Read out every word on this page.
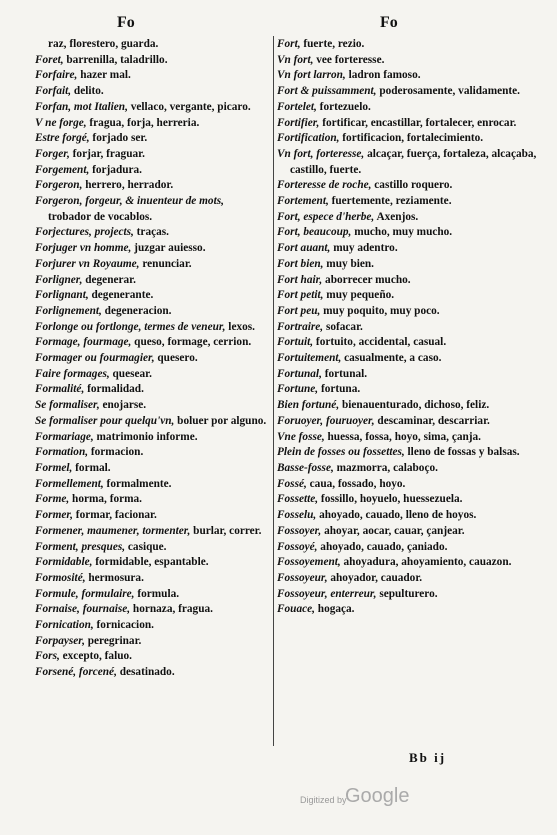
Fo	Fo

raz, florestero, guarda.

Foret, barrenilla, taladrillo.

Forfaire, hazer mal.

Forfait, delito.

Forfan, mot Italien, vellaco, vergante, picaro.

V ne forge, fragua, forja, herreria.

Estre forgé, forjado ser.

Forger, forjar, fraguar.

Forgement, forjadura.

Forgeron, herrero, herrador.

Forgeron, forgeur, & inuenteur de mots, trobador de vocablos.

Forjectures, projects, traças.

Forjuger vn homme, juzgar auiesso.

Forjurer vn Royaume, renunciar.

Forligner, degenerar.

Forlignant, degenerante.

Forlignement, degeneracion.

Forlonge ou fortlonge, termes de veneur, lexos.

Formage, fourmage, queso, formage, cerrion.

Formager ou fourmagier, quesero.

Faire formages, quesear.

Formalité, formalidad.

Se formaliser, enojarse.

Se formaliser pour quelqu'vn, boluer por alguno.

Formariage, matrimonio informe.

Formation, formacion.

Formel, formal.

Formellement, formalmente.

Forme, horma, forma.

Former, formar, facionar.

Formener, maumener, tormenter, burlar, correr.

Forment, presques, casique.

Formidable, formidable, espantable.

Formosité, hermosura.

Formule, formulaire, formula.

Fornaise, fournaise, hornaza, fragua.

Fornication, fornicacion.

Forpayser, peregrinar.

Fors, excepto, faluo.

Forsené, forcené, desatinado.

Fort, fuerte, rezio.

Vn fort, vee forteresse.

Vn fort larron, ladron famoso.

Fort & puissamment, poderosamente, validamente.

Fortelet, fortezuelo.

Fortifier, fortificar, encastillar, fortalecer, enrocar.

Fortification, fortificacion, fortalecimiento.

Vn fort, forteresse, alcaçar, fuerça, fortaleza, alcaçaba, castillo, fuerte.

Forteresse de roche, castillo roquero.

Fortement, fuertemente, reziamente.

Fort, espece d'herbe, Axenjos.

Fort, beaucoup, mucho, muy mucho.

Fort auant, muy adentro.

Fort bien, muy bien.

Fort hair, aborrecer mucho.

Fort petit, muy pequeño.

Fort peu, muy poquito, muy poco.

Fortraire, sofacar.

Fortuit, fortuito, accidental, casual.

Fortuitement, casualmente, a caso.

Fortunal, fortunal.

Fortune, fortuna.

Bien fortuné, bienauenturado, dichoso, feliz.

Foruoyer, fouruoyer, descaminar, descarriar.

Vne fosse, huessa, fossa, hoyo, sima, çanja.

Plein de fosses ou fossettes, lleno de fossas y balsas.

Basse-fosse, mazmorra, calaboço.

Fossé, caua, fossado, hoyo.

Fossette, fossillo, hoyuelo, huessezuela.

Fosselu, ahoyado, cauado, lleno de hoyos.

Fossoyer, ahoyar, aocar, cauar, çanjear.

Fossoyé, ahoyado, cauado, çaniado.

Fossoyement, ahoyadura, ahoyamiento, cauazon.

Fossoyeur, ahoyador, cauador.

Fossoyeur, enterreur, sepulturero.

Fouace, hogaça.

Bb ij
Digitized by
Google
